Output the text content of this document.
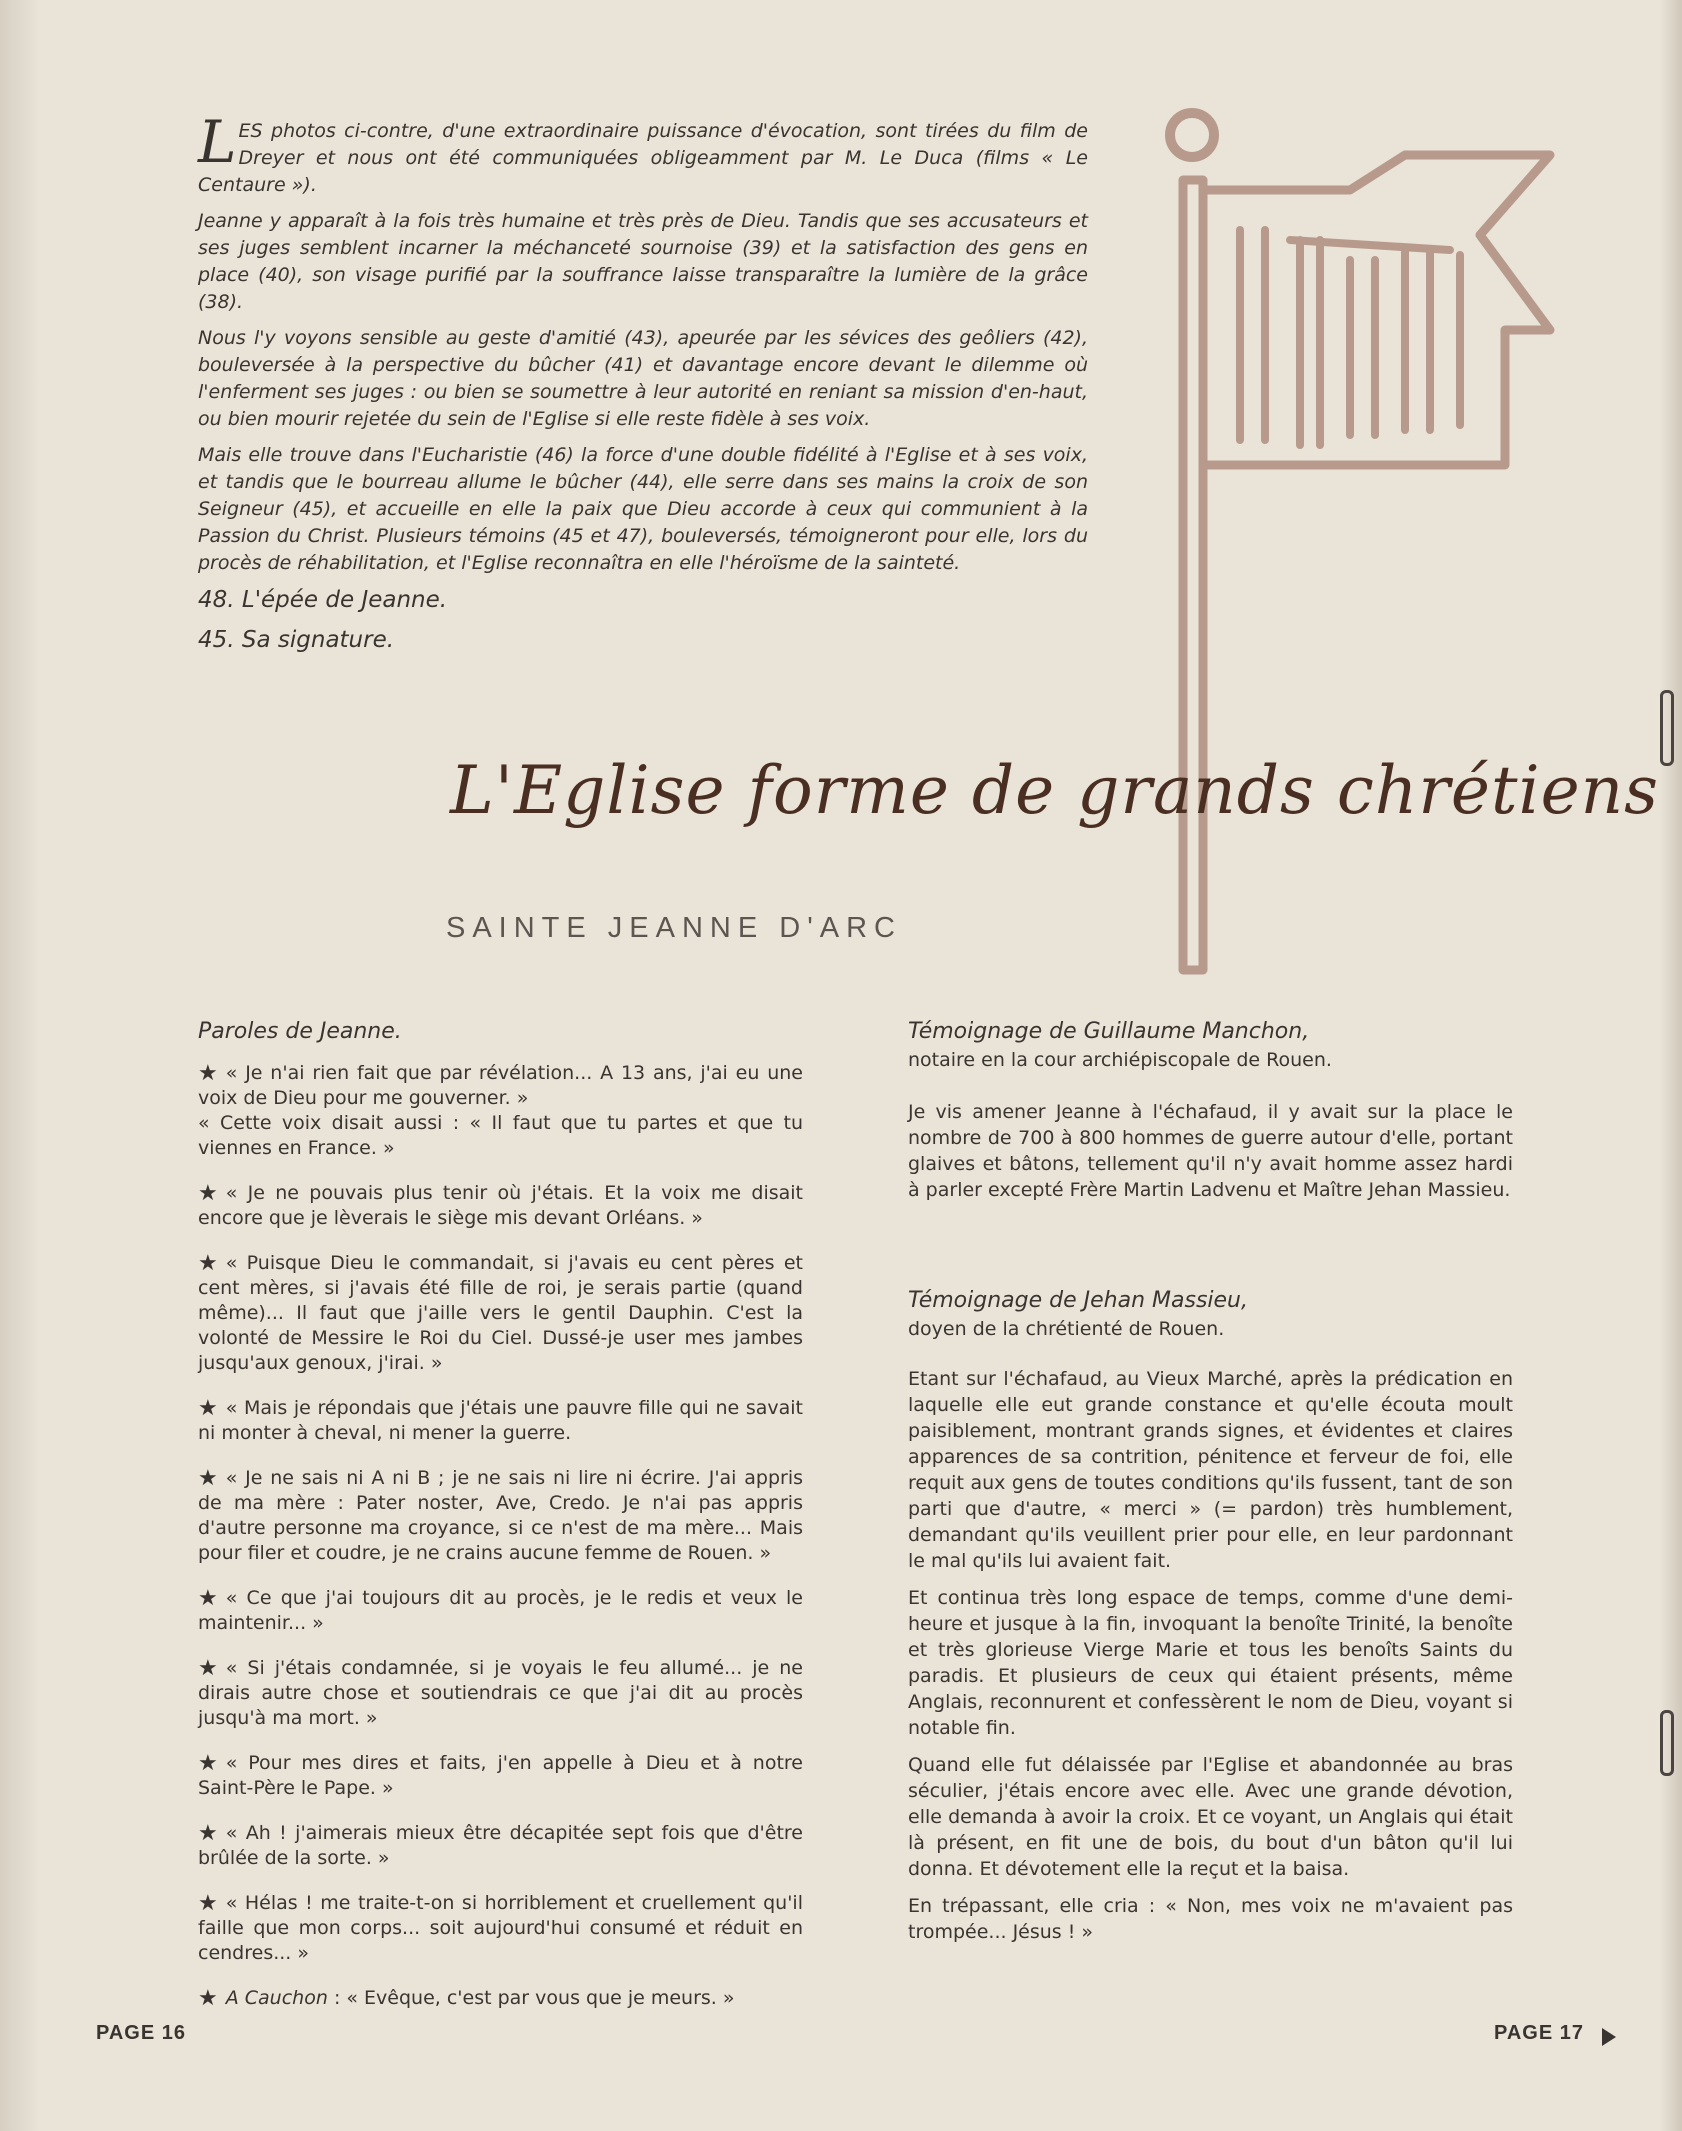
LES photos ci-contre, d'une extraordinaire puissance d'évocation, sont tirées du film de Dreyer et nous ont été communiquées obligeamment par M. Le Duca (films « Le Centaure »).

Jeanne y apparaît à la fois très humaine et très près de Dieu. Tandis que ses accusateurs et ses juges semblent incarner la méchanceté sournoise (39) et la satisfaction des gens en place (40), son visage purifié par la souffrance laisse transparaître la lumière de la grâce (38).

Nous l'y voyons sensible au geste d'amitié (43), apeurée par les sévices des geôliers (42), bouleversée à la perspective du bûcher (41) et davantage encore devant le dilemme où l'enferment ses juges : ou bien se soumettre à leur autorité en reniant sa mission d'en-haut, ou bien mourir rejetée du sein de l'Eglise si elle reste fidèle à ses voix.

Mais elle trouve dans l'Eucharistie (46) la force d'une double fidélité à l'Eglise et à ses voix, et tandis que le bourreau allume le bûcher (44), elle serre dans ses mains la croix de son Seigneur (45), et accueille en elle la paix que Dieu accorde à ceux qui communient à la Passion du Christ. Plusieurs témoins (45 et 47), bouleversés, témoigneront pour elle, lors du procès de réhabilitation, et l'Eglise reconnaîtra en elle l'héroïsme de la sainteté.

48. L'épée de Jeanne.
45. Sa signature.
L'Eglise forme de grands chrétiens
SAINTE JEANNE D'ARC

Paroles de Jeanne.

★ « Je n'ai rien fait que par révélation... A 13 ans, j'ai eu une voix de Dieu pour me gouverner. »
« Cette voix disait aussi : « Il faut que tu partes et que tu viennes en France. »
★ « Je ne pouvais plus tenir où j'étais. Et la voix me disait encore que je lèverais le siège mis devant Orléans. »
★ « Puisque Dieu le commandait, si j'avais eu cent pères et cent mères, si j'avais été fille de roi, je serais partie (quand même)... Il faut que j'aille vers le gentil Dauphin. C'est la volonté de Messire le Roi du Ciel. Dussé-je user mes jambes jusqu'aux genoux, j'irai. »
★ « Mais je répondais que j'étais une pauvre fille qui ne savait ni monter à cheval, ni mener la guerre.
★ « Je ne sais ni A ni B ; je ne sais ni lire ni écrire. J'ai appris de ma mère : Pater noster, Ave, Credo. Je n'ai pas appris d'autre personne ma croyance, si ce n'est de ma mère... Mais pour filer et coudre, je ne crains aucune femme de Rouen. »
★ « Ce que j'ai toujours dit au procès, je le redis et veux le maintenir... »
★ « Si j'étais condamnée, si je voyais le feu allumé... je ne dirais autre chose et soutiendrais ce que j'ai dit au procès jusqu'à ma mort. »
★ « Pour mes dires et faits, j'en appelle à Dieu et à notre Saint-Père le Pape. »
★ « Ah ! j'aimerais mieux être décapitée sept fois que d'être brûlée de la sorte. »
★ « Hélas ! me traite-t-on si horriblement et cruellement qu'il faille que mon corps... soit aujourd'hui consumé et réduit en cendres... »
★ A Cauchon : « Evêque, c'est par vous que je meurs. »

Témoignage de Guillaume Manchon,

notaire en la cour archiépiscopale de Rouen.

Je vis amener Jeanne à l'échafaud, il y avait sur la place le nombre de 700 à 800 hommes de guerre autour d'elle, portant glaives et bâtons, tellement qu'il n'y avait homme assez hardi à parler excepté Frère Martin Ladvenu et Maître Jehan Massieu.

Témoignage de Jehan Massieu,

doyen de la chrétienté de Rouen.

Etant sur l'échafaud, au Vieux Marché, après la prédication en laquelle elle eut grande constance et qu'elle écouta moult paisiblement, montrant grands signes, et évidentes et claires apparences de sa contrition, pénitence et ferveur de foi, elle requit aux gens de toutes conditions qu'ils fussent, tant de son parti que d'autre, « merci » (= pardon) très humblement, demandant qu'ils veuillent prier pour elle, en leur pardonnant le mal qu'ils lui avaient fait.

Et continua très long espace de temps, comme d'une demi-heure et jusque à la fin, invoquant la benoîte Trinité, la benoîte et très glorieuse Vierge Marie et tous les benoîts Saints du paradis. Et plusieurs de ceux qui étaient présents, même Anglais, reconnurent et confessèrent le nom de Dieu, voyant si notable fin.

Quand elle fut délaissée par l'Eglise et abandonnée au bras séculier, j'étais encore avec elle. Avec une grande dévotion, elle demanda à avoir la croix. Et ce voyant, un Anglais qui était là présent, en fit une de bois, du bout d'un bâton qu'il lui donna. Et dévotement elle la reçut et la baisa.

En trépassant, elle cria : « Non, mes voix ne m'avaient pas trompée... Jésus ! »

PAGE 16	PAGE 17
